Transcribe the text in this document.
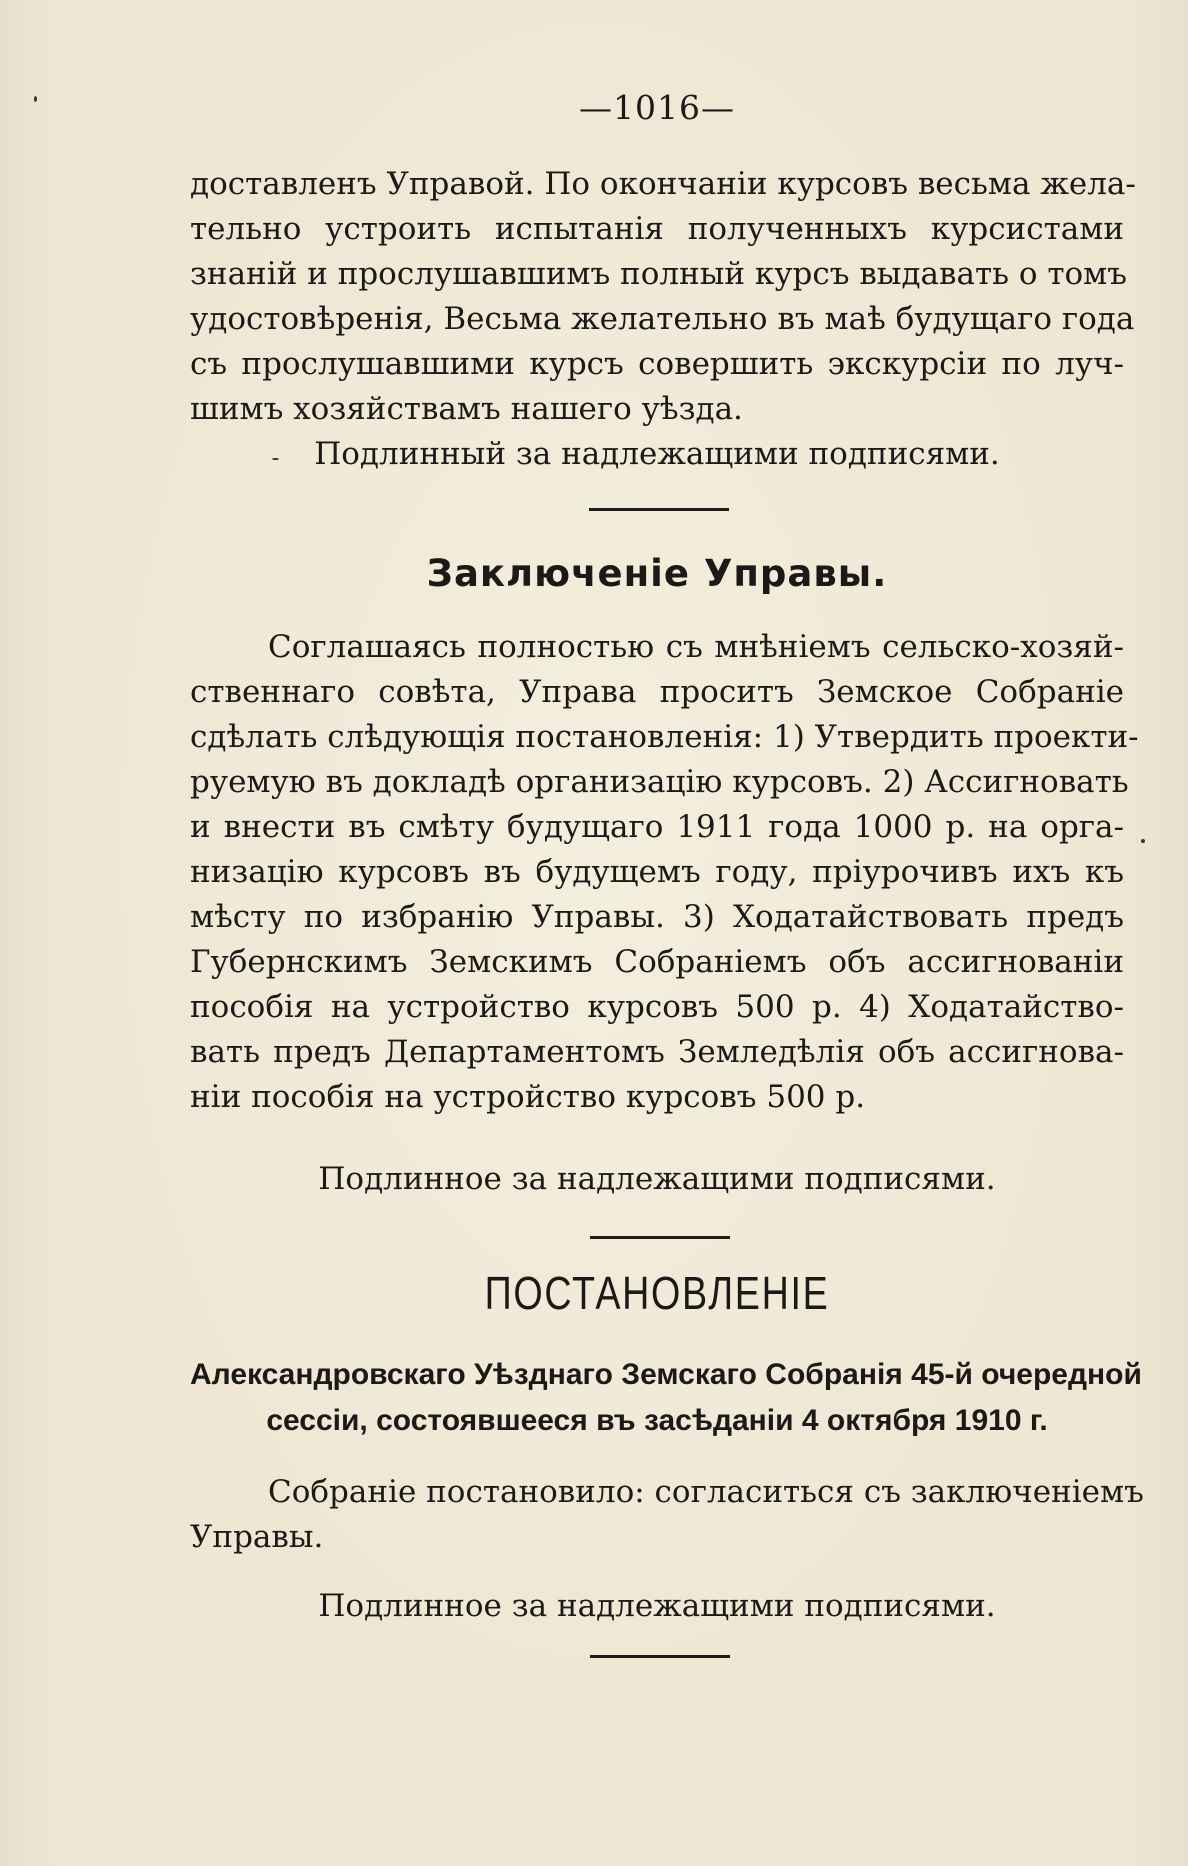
—1016—
доставленъ Управой. По окончанiи курсовъ весьма жела-
тельно устроить испытанiя полученныхъ курсистами
знанiй и прослушавшимъ полный курсъ выдавать о томъ
удостовѣренiя, Весьма желательно въ маѣ будущаго года
съ прослушавшими курсъ совершить экскурсiи по луч-
шимъ хозяйствамъ нашего уѣзда.
Подлинный за надлежащими подписями.
Заключенiе Управы.
Соглашаясь полностью съ мнѣнiемъ сельско-хозяй-
ственнаго совѣта, Управа проситъ Земское Собранiе
сдѣлать слѣдующiя постановленiя: 1) Утвердить проекти-
руемую въ докладѣ организацiю курсовъ. 2) Ассигновать
и внести въ смѣту будущаго 1911 года 1000 р. на орга-
низацiю курсовъ въ будущемъ году, прiурочивъ ихъ къ
мѣсту по избранiю Управы. 3) Ходатайствовать предъ
Губернскимъ Земскимъ Собранiемъ объ ассигнованiи
пособiя на устройство курсовъ 500 р. 4) Ходатайство-
вать предъ Департаментомъ Земледѣлiя объ ассигнова-
нiи пособiя на устройство курсовъ 500 р.
Подлинное за надлежащими подписями.
ПОСТАНОВЛЕНIЕ
Александровскаго Уѣзднаго Земскаго Собранiя 45-й очередной
сессiи, состоявшееся въ засѣданiи 4 октября 1910 г.
Собранiе постановило: согласиться съ заключенiемъ
Управы.
Подлинное за надлежащими подписями.
